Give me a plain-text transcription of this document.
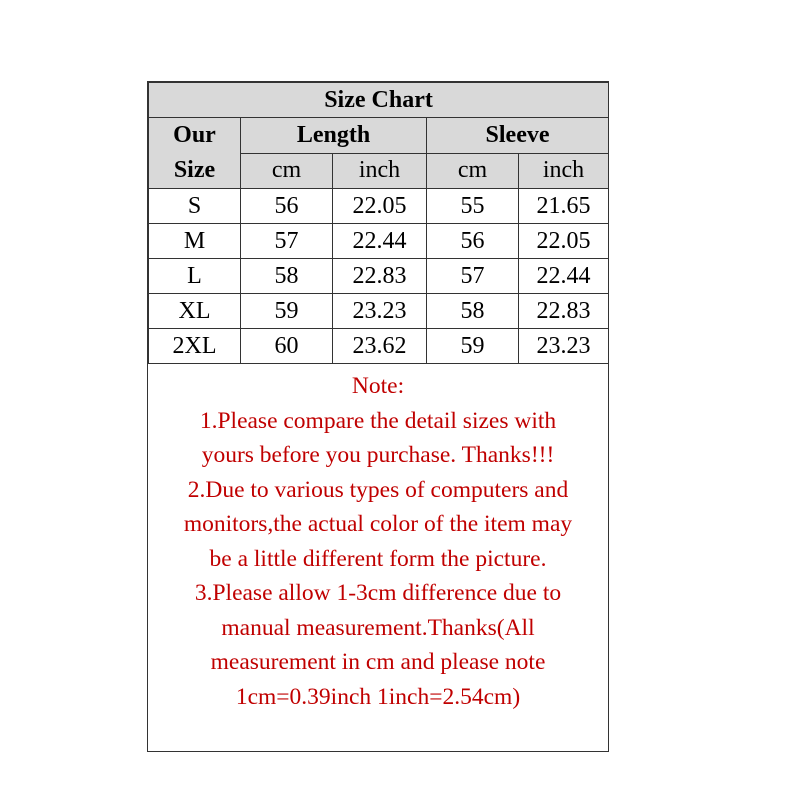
Size Chart				

Our
Size	Length		Sleeve	
	cm	inch	cm	inch
S	56	22.05	55	21.65
M	57	22.44	56	22.05
L	58	22.83	57	22.44
XL	59	23.23	58	22.83
2XL	60	23.62	59	23.23
Note:
1.Please compare the detail sizes with
yours before you purchase. Thanks!!!
2.Due to various types of computers and
monitors,the actual color of the item may
be a little different form the picture.
3.Please allow 1-3cm difference due to
manual measurement.Thanks(All
measurement in cm and please note
1cm=0.39inch 1inch=2.54cm)
